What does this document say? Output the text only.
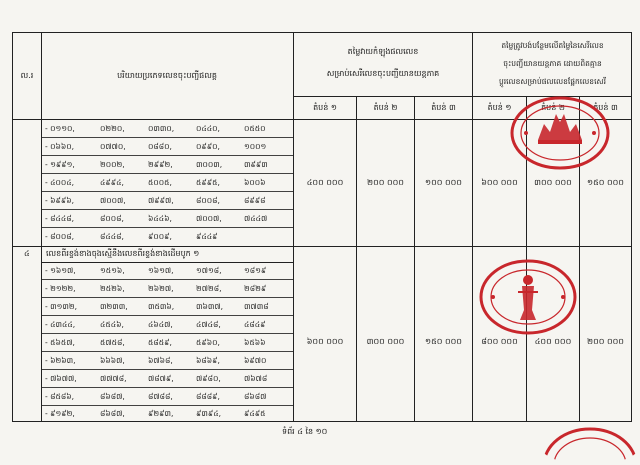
ល.រ	បរិយាយប្រភេទលេខចុះបញ្ជីផលគ្គ
តម្លៃវាយកំឡុងផលលេខ
សម្រាប់សេរីលេខចុះបញ្ជីយានយន្តភាគ
តម្លៃត្រូវបង់បន្ថែមលើតម្លៃនៃសេរីលេខ
ចុះបញ្ជីយានយន្តភាគ ដោយពិតគ្មាន
ប្តូរលេខសម្រាប់ផលលេខផ្អែកលេខសេរី
តំបន់ ១	តំបន់ ២	តំបន់ ៣	តំបន់ ១	តំបន់ ២	តំបន់ ៣
- ០១១០,	០២២០,	០៣៣០,	០៤៤០,	០៥៥០
- ០៦៦០,	០៧៧០,	០៨៨០,	០៩៩០,	១០០១
- ១៩៩១,	២០០២,	២៩៩២,	៣០០៣,	៣៩៩៣
- ៤០០៤,	៤៩៩៤,	៥០០៥,	៥៩៩៥,	៦០០៦
- ៦៩៩៦,	៧០០៧,	៧៩៩៧,	៨០០៨,	៨៩៩៨
- ៨៤៤៨,	៨០០៨,	៦៤៤៦,	៧០០៧,	៧៤៤៧
- ៨០០៨,	៨៤៤៨,	៩០០៩,	៩៤៤៩
៤០០ ០០០	២០០ ០០០	១០០ ០០០	៦០០ ០០០	៣០០ ០០០	១៥០ ០០០
៤ លេខពីរខ្ទង់ខាងចុងស្មើនឹងលេខពីរខ្ទង់ខាងដើមបូក ១
- ១៦១៧,	១៥១៦,	១៦១៧,	១៧១៨,	១៨១៩
- ២១២២,	២៥២៦,	២៦២៧,	២៧២៨,	២៨២៩
- ៣១៣២,	៣២៣៣,	៣៥៣៦,	៣៦៣៧,	៣៧៣៨
- ៤៣៤៤,	៤៥៤៦,	៤៦៤៧,	៤៧៤៨,	៤៨៤៩
- ៥៦៥៧,	៥៧៥៨,	៥៨៥៩,	៥៩៦០,	៦៥៦៦
- ៦២៦៣,	៦៦៦៧,	៦៧៦៨,	៦៨៦៩,	៦៩៧០
- ៧៦៧៧,	៧៧៧៨,	៧៨៧៩,	៧៩៨០,	៧៦៧៨
- ៨៥៨៦,	៨៦៨៧,	៨៧៨៨,	៨៨៨៩,	៨៦៨៧
- ៩១៩២,	៨៦៨៧,	៩២៩៣,	៩៣៩៤,	៩៤៩៥
៦០០ ០០០	៣០០ ០០០	១៥០ ០០០	៨០០ ០០០	៤០០ ០០០	២០០ ០០០
ទំព័រ ៤ នៃ ១០
